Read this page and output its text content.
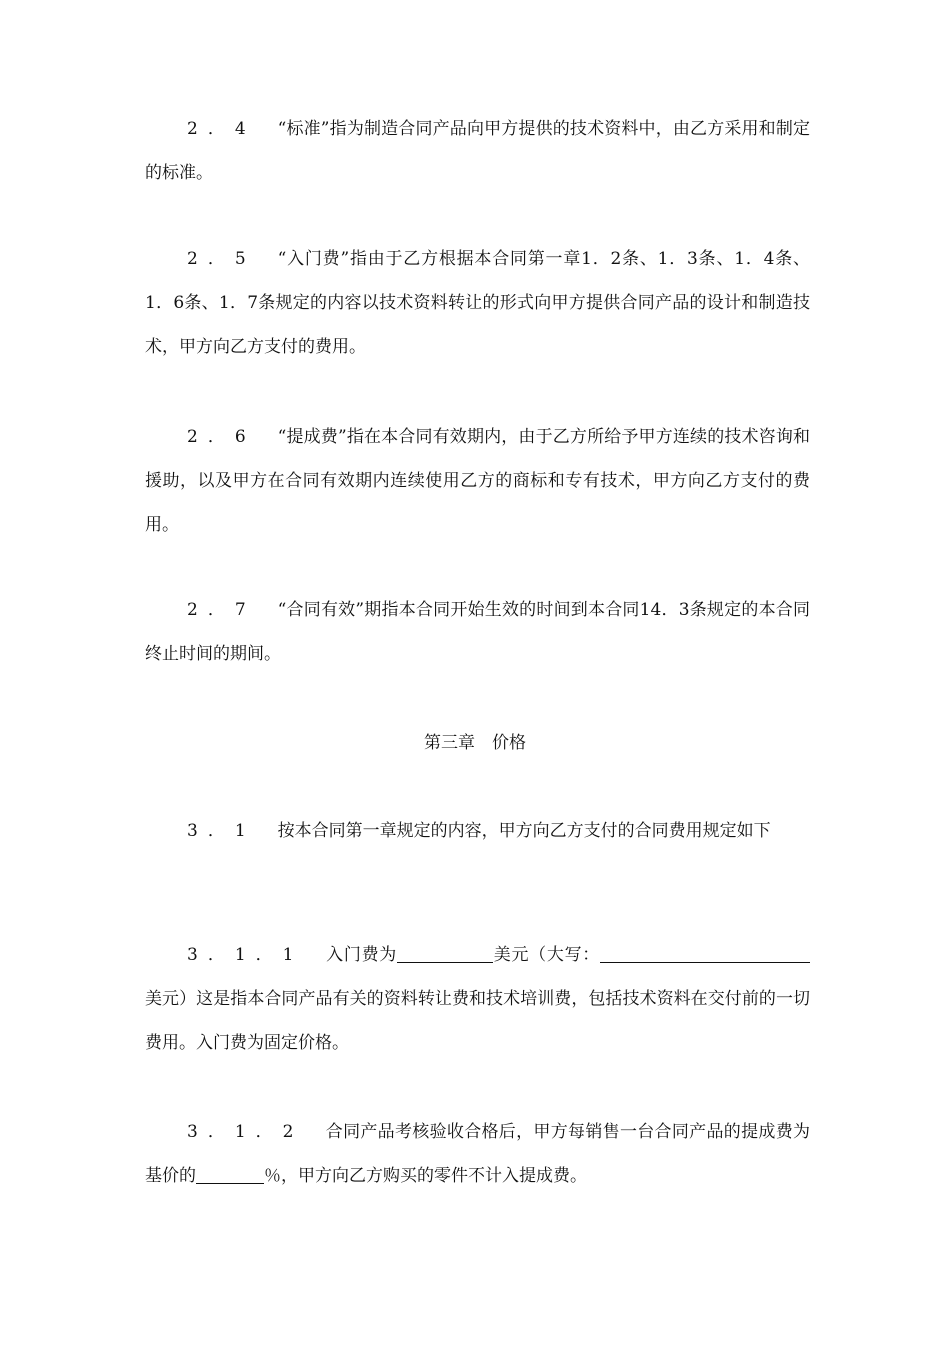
2．4 “标准”指为制造合同产品向甲方提供的技术资料中，由乙方采用和制定的标准。

2．5 “入门费”指由于乙方根据本合同第一章1．2条、1．3条、1．4条、1．6条、1．7条规定的内容以技术资料转让的形式向甲方提供合同产品的设计和制造技术，甲方向乙方支付的费用。

2．6 “提成费”指在本合同有效期内，由于乙方所给予甲方连续的技术咨询和援助，以及甲方在合同有效期内连续使用乙方的商标和专有技术，甲方向乙方支付的费用。

2．7 “合同有效”期指本合同开始生效的时间到本合同14．3条规定的本合同终止时间的期间。

第三章　价格

3．1 按本合同第一章规定的内容，甲方向乙方支付的合同费用规定如下

3．1．1 入门费为	美元（大写：美元）这是指本合同产品有关的资料转让费和技术培训费，包括技术资料在交付前的一切费用。入门费为固定价格。

3．1．2 合同产品考核验收合格后，甲方每销售一台合同产品的提成费为基价的	％，甲方向乙方购买的零件不计入提成费。
